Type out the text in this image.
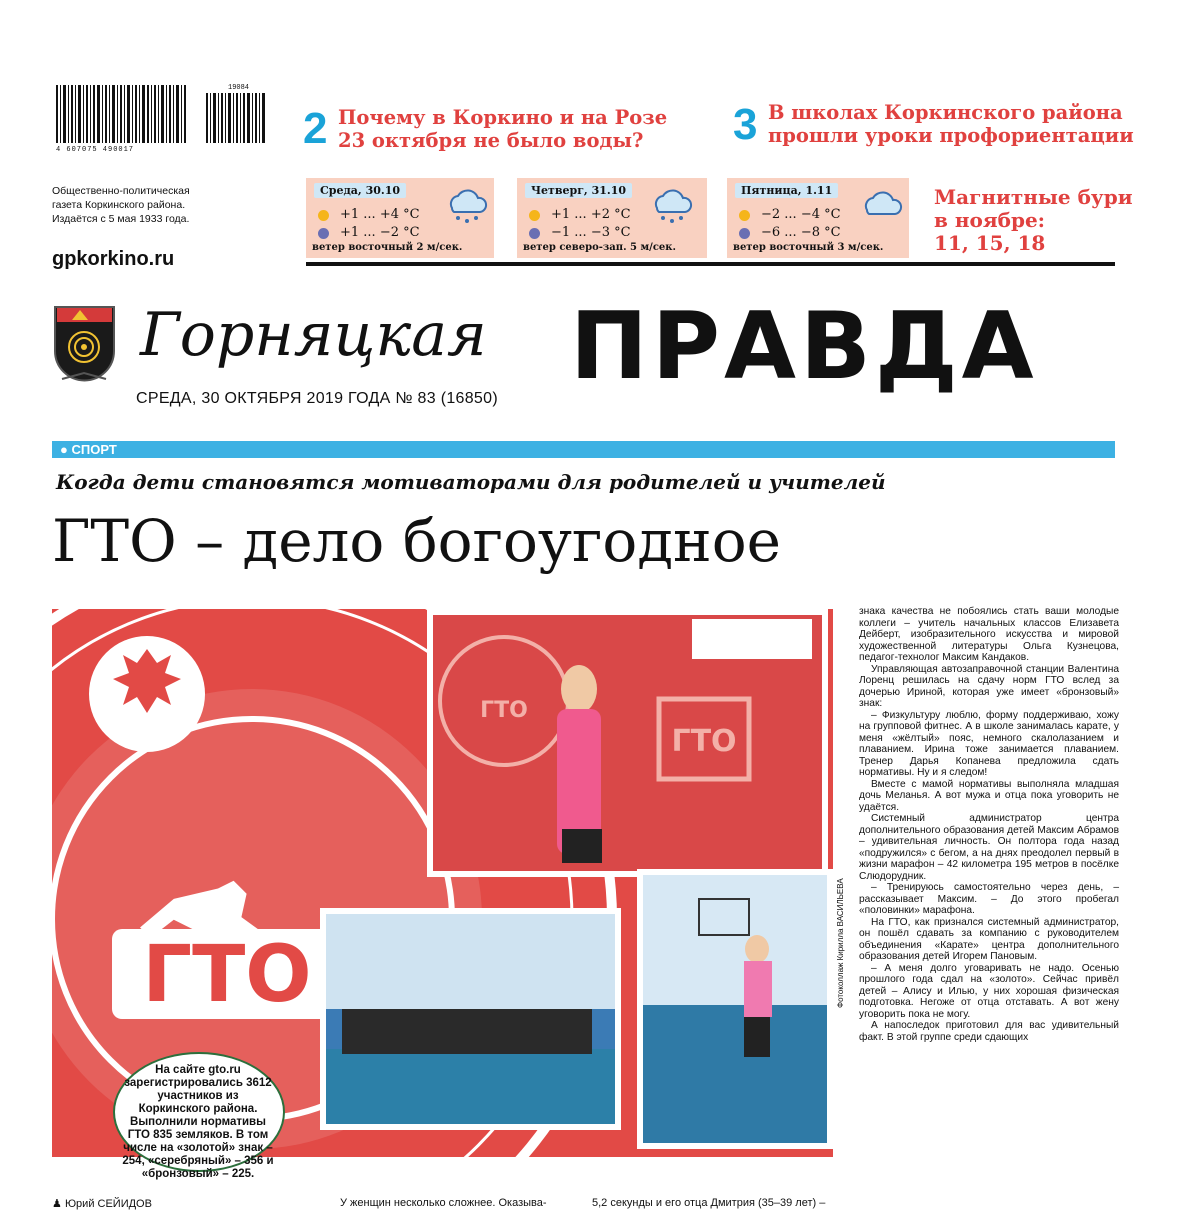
19084
4 607075 490017
Общественно-политическая газета Коркинского района. Издаётся с 5 мая 1933 года.
gpkorkino.ru
2 Почему в Коркино и на Розе
23 октября не было воды?	3 В школах Коркинского района
прошли уроки профориентации
Среда, 30.10
+1 ... +4 °C
+1 ... −2 °C
ветер восточный 2 м/сек.
Четверг, 31.10
+1 ... +2 °C
−1 ... −3 °C
ветер северо-зап. 5 м/сек.
Пятница, 1.11
−2 ... −4 °C
−6 ... −8 °C
ветер восточный 3 м/сек.
Магнитные бури
в ноябре:
11, 15, 18
Горняцкая ПРАВДА
СРЕДА, 30 ОКТЯБРЯ 2019 ГОДА № 83 (16850)
● СПОРТ
Когда дети становятся мотиваторами для родителей и учителей
ГТО – дело богоугодное
ГТО
ГТО
ГТО
На сайте gto.ru зарегистрировались 3612 участников из Коркинского района. Выполнили нормативы ГТО 835 земляков. В том числе на «золотой» знак – 254, «серебряный» – 356 и «бронзовый» – 225.
Фотоколлаж Кирилла ВАСИЛЬЕВА

знака качества не побоялись стать ваши молодые коллеги – учитель начальных классов Елизавета Дейберт, изобразительного искусства и мировой художественной литературы Ольга Кузнецова, педагог-технолог Максим Кандаков.

Управляющая автозаправочной станции Валентина Лоренц решилась на сдачу норм ГТО вслед за дочерью Ириной, которая уже имеет «бронзовый» знак:

– Физкультуру люблю, форму поддерживаю, хожу на групповой фитнес. А в школе занималась карате, у меня «жёлтый» пояс, немного скалолазанием и плаванием. Ирина тоже занимается плаванием. Тренер Дарья Копанева предложила сдать нормативы. Ну и я следом!

Вместе с мамой нормативы выполняла младшая дочь Меланья. А вот мужа и отца пока уговорить не удаётся.

Системный администратор центра дополнительного образования детей Максим Абрамов – удивительная личность. Он полтора года назад «подружился» с бегом, а на днях преодолел первый в жизни марафон – 42 километра 195 метров в посёлке Слюдорудник.

– Тренируюсь самостоятельно через день, – рассказывает Максим. – До этого пробегал «половинки» марафона.

На ГТО, как признался системный администратор, он пошёл сдавать за компанию с руководителем объединения «Карате» центра дополнительного образования детей Игорем Пановым.

– А меня долго уговаривать не надо. Осенью прошлого года сдал на «золото». Сейчас привёл детей – Алису и Илью, у них хорошая физическая подготовка. Негоже от отца отставать. А вот жену уговорить пока не могу.

А напоследок приготовил для вас удивительный факт. В этой группе среди сдающих

♟ Юрий СЕЙИДОВ	У женщин несколько сложнее. Оказыва-	5,2 секунды и его отца Дмитрия (35–39 лет) –
